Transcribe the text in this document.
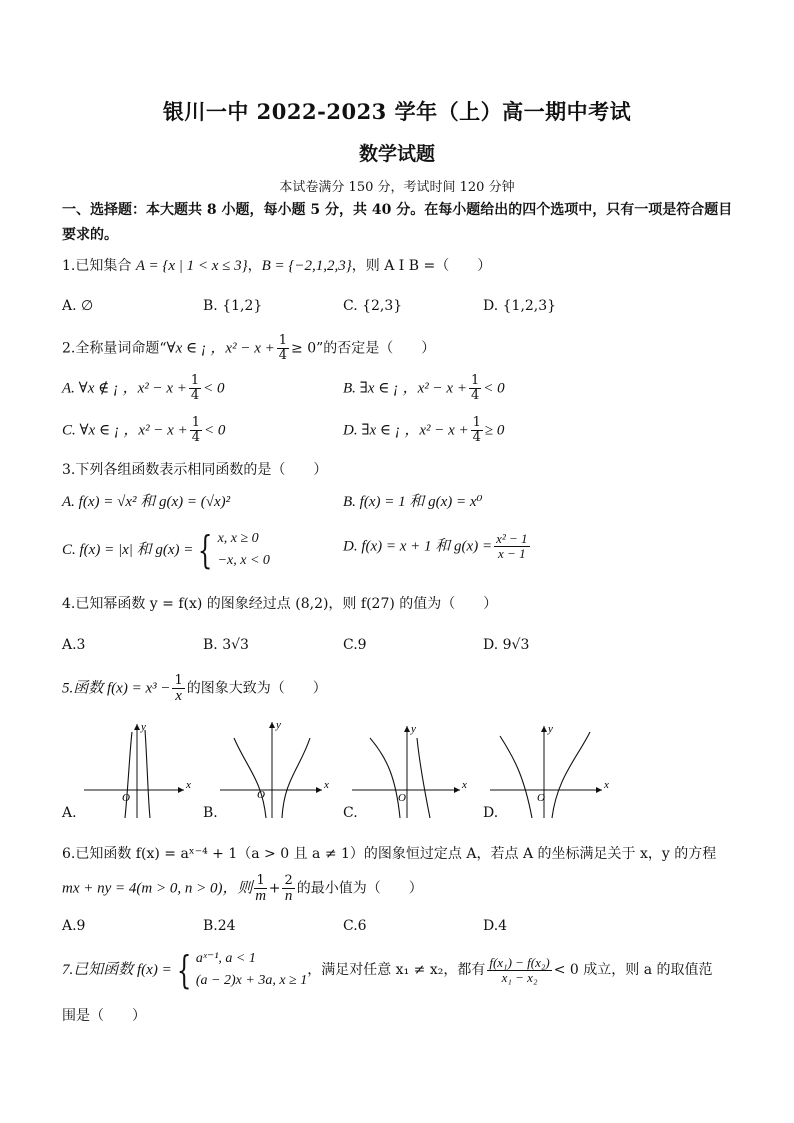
银川一中 2022-2023 学年（上）高一期中考试
数学试题
本试卷满分 150 分，考试时间 120 分钟
一、选择题：本大题共 8 小题，每小题 5 分，共 40 分。在每小题给出的四个选项中，只有一项是符合题目要求的。
1.已知集合 A = {x | 1 < x ≤ 3}，B = {−2,1,2,3}，则 A I B =（　　）
A. ∅	B. {1,2}	C. {2,3}	D. {1,2,3}
2.全称量词命题“∀x ∈ ¡ ，$x^2 - x + \frac{1}{4} \ge 0$”的否定是（　　）
A. ∀x ∉ ¡ ，$x^2 - x + \frac{1}{4} < 0$	B. ∃x ∈ ¡ ，$x^2 - x + \frac{1}{4} < 0$
C. ∀x ∈ ¡ ，$x^2 - x + \frac{1}{4} < 0$	D. ∃x ∈ ¡ ，$x^2 - x + \frac{1}{4} \ge 0$
3.下列各组函数表示相同函数的是（　　）
A. f(x) = √x² 和 g(x) = (√x)²	B. f(x) = 1 和 g(x) = x⁰
C. f(x) = |x| 和 g(x) = { x, x ≥ 0
−x, x < 0
D. f(x) = x + 1 和 $g(x) = \frac{\text{x² − 1}}{x - 1}$
4.已知幂函数 y = f(x) 的图象经过点 (8,2)，则 f(27) 的值为（　　）
A.3	B. 3√3	C.9	D. 9√3
5.函数 $f(x) = x^3 - \frac{1}{x}$ 的图象大致为（　　）
x
y
O
x
y
O
x
y
O
x
y
O
A.	B.	C.	D.
6.已知函数 f(x) = aˣ⁻⁴ + 1（a > 0 且 a ≠ 1）的图象恒过定点 A，若点 A 的坐标满足关于 x，y 的方程
mx + ny = 4(m > 0, n > 0)，则 $\frac{1}{m} + \frac{2}{n}$ 的最小值为（　　）
A.9	B.24	C.6	D.4
7.已知函数 f(x) = { aˣ⁻¹, a < 1
(a − 2)x + 3a, x ≥ 1
，满足对任意 x₁ ≠ x₂，都有 $\frac{\text{f(x₁) − f(x₂)}}{\text{x₁ − x₂}} < 0$ 成立，则 a 的取值范
围是（　　）
